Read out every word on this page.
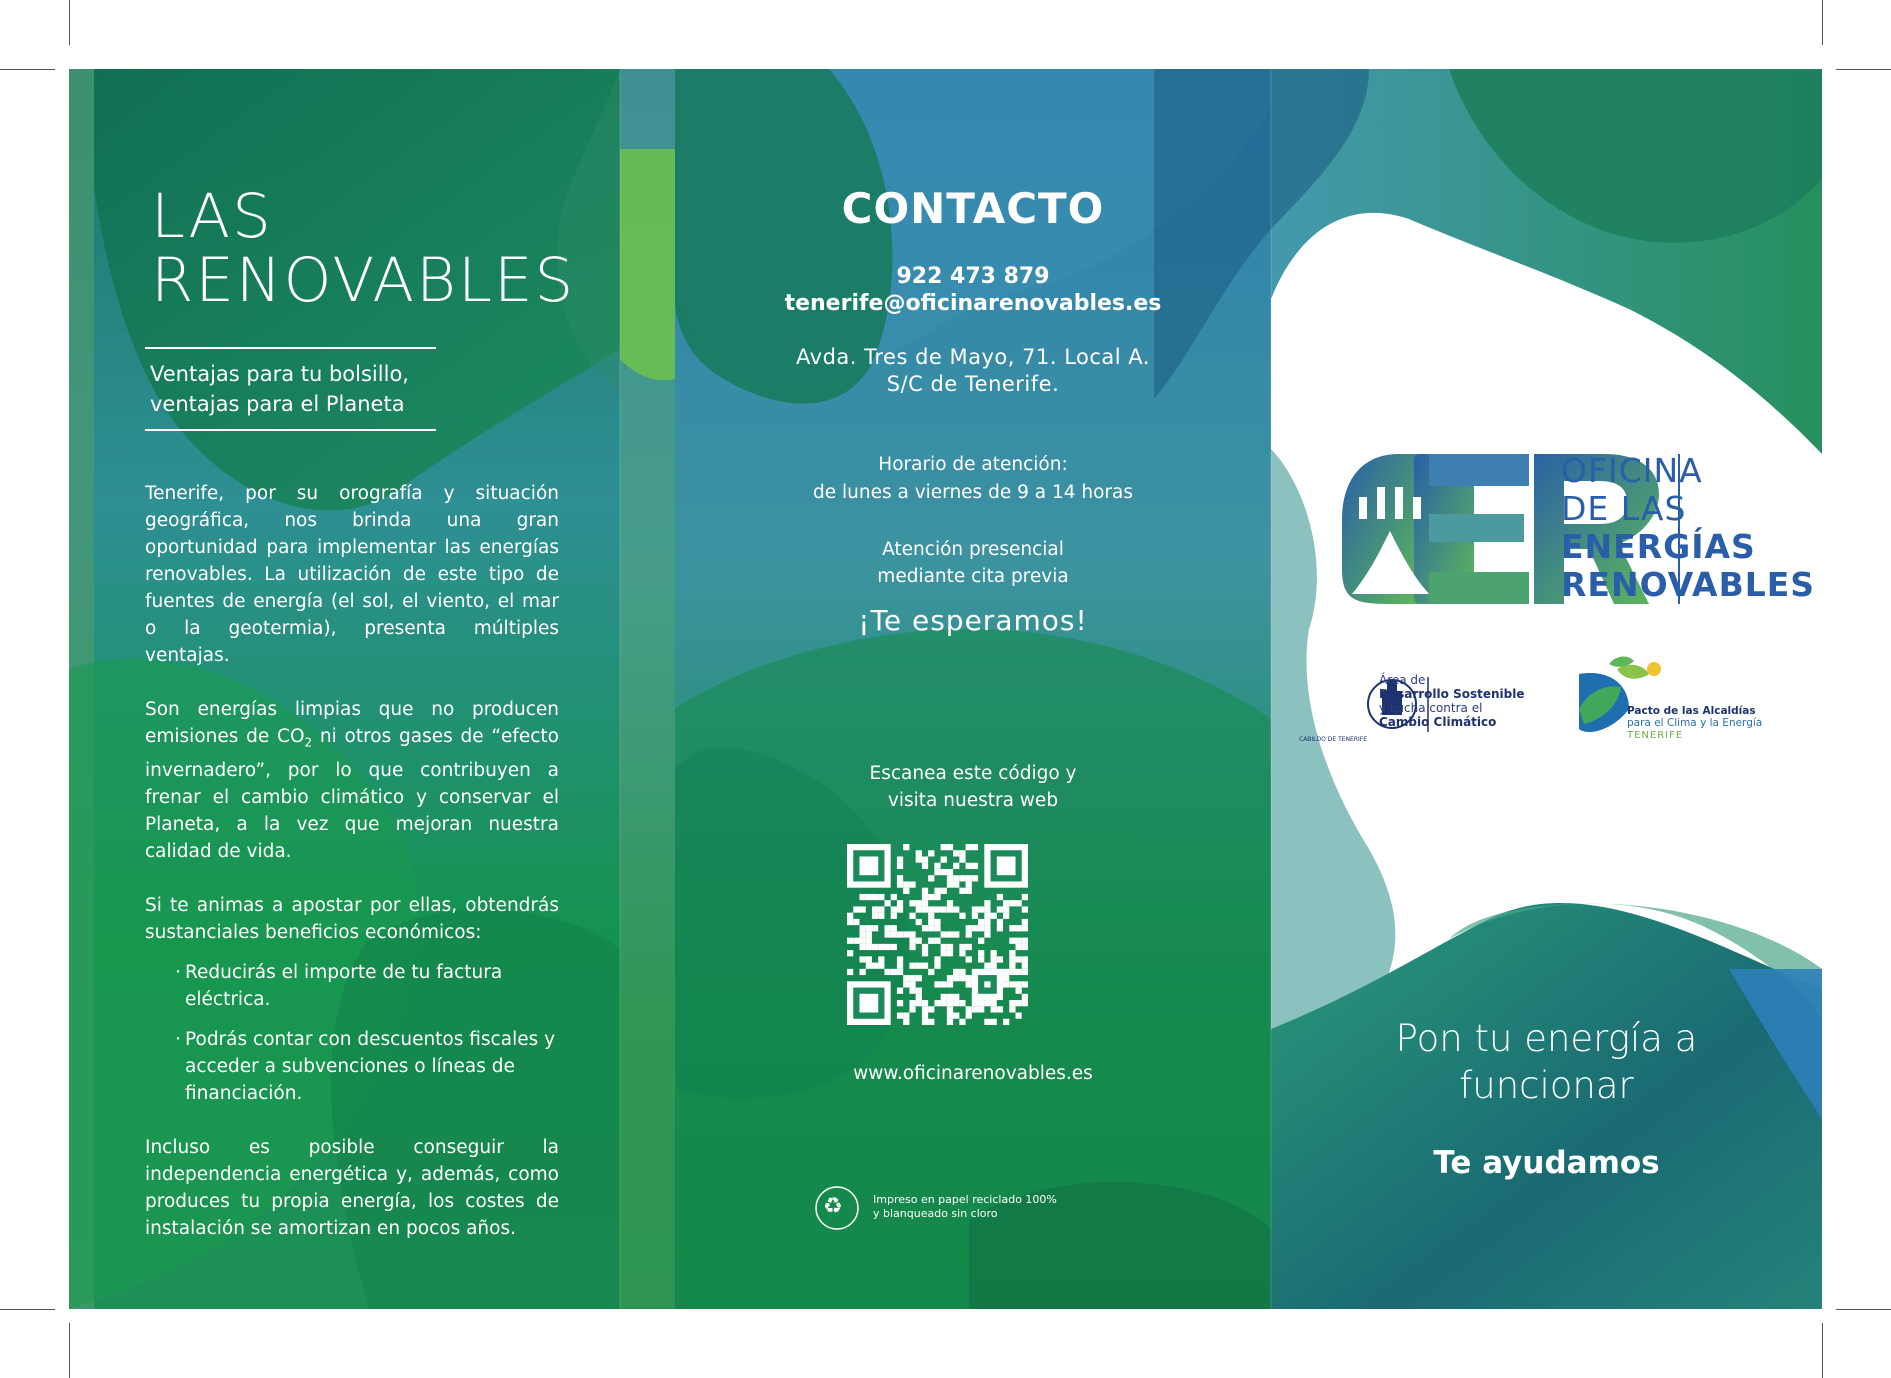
LAS
RENOVABLES
Ventajas para tu bolsillo,
ventajas para el Planeta

Tenerife, por su orografía y situación geográfica, nos brinda una gran oportunidad para implementar las energías renovables. La utilización de este tipo de fuentes de energía (el sol, el viento, el mar o la geotermia), presenta múltiples ventajas.

Son energías limpias que no producen emisiones de $CO_2$ ni otros gases de “efecto invernadero”, por lo que contribuyen a frenar el cambio climático y conservar el Planeta, a la vez que mejoran nuestra calidad de vida.

Si te animas a apostar por ellas, obtendrás sustanciales beneficios económicos:

· Reducirás el importe de tu factura eléctrica.
· Podrás contar con descuentos fiscales y acceder a subvenciones o líneas de financiación.

Incluso es posible conseguir la independencia energética y, además, como produces tu propia energía, los costes de instalación se amortizan en pocos años.

CONTACTO
922 473 879
tenerife@oficinarenovables.es
Avda. Tres de Mayo, 71. Local A.
S/C de Tenerife.
Horario de atención:
de lunes a viernes de 9 a 14 horas
Atención presencial
mediante cita previa
¡Te esperamos!
Escanea este código y
visita nuestra web
www.oficinarenovables.es
♻	Impreso en papel reciclado 100%
y blanqueado sin cloro
OFICINA
DE LAS
ENERGÍAS
RENOVABLES
CABILDO DE TENERIFE
Área de
Desarrollo Sostenible
y Lucha contra el
Cambio Climático
Pacto de las Alcaldías
para el Clima y la Energía
TENERIFE
Pon tu energía a
funcionar
Te ayudamos
